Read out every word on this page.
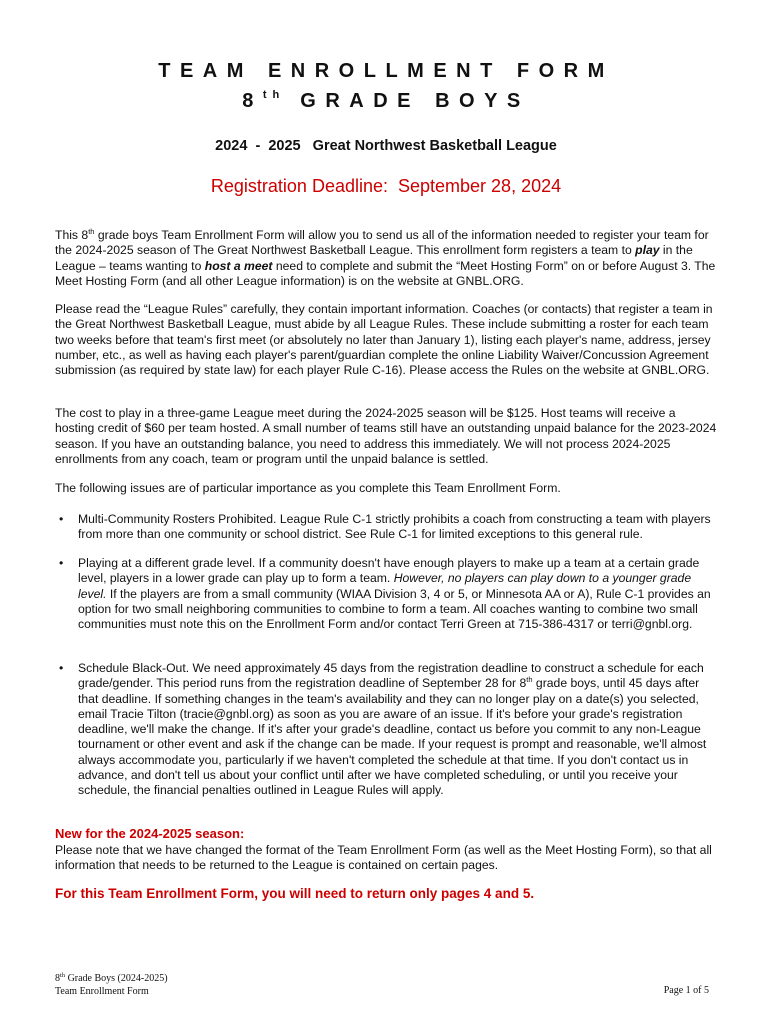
TEAM ENROLLMENT FORM
8th GRADE BOYS
2024  -  2025   Great Northwest Basketball League
Registration Deadline:  September 28, 2024
This 8th grade boys Team Enrollment Form will allow you to send us all of the information needed to register your team for the 2024-2025 season of The Great Northwest Basketball League. This enrollment form registers a team to play in the League – teams wanting to host a meet need to complete and submit the “Meet Hosting Form” on or before August 3. The Meet Hosting Form (and all other League information) is on the website at GNBL.ORG.
Please read the “League Rules” carefully, they contain important information. Coaches (or contacts) that register a team in the Great Northwest Basketball League, must abide by all League Rules. These include submitting a roster for each team two weeks before that team's first meet (or absolutely no later than January 1), listing each player's name, address, jersey number, etc., as well as having each player's parent/guardian complete the online Liability Waiver/Concussion Agreement submission (as required by state law) for each player Rule C-16). Please access the Rules on the website at GNBL.ORG.
The cost to play in a three-game League meet during the 2024-2025 season will be $125. Host teams will receive a hosting credit of $60 per team hosted. A small number of teams still have an outstanding unpaid balance for the 2023-2024 season. If you have an outstanding balance, you need to address this immediately. We will not process 2024-2025 enrollments from any coach, team or program until the unpaid balance is settled.
The following issues are of particular importance as you complete this Team Enrollment Form.
• Multi-Community Rosters Prohibited. League Rule C-1 strictly prohibits a coach from constructing a team with players from more than one community or school district. See Rule C-1 for limited exceptions to this general rule.
• Playing at a different grade level. If a community doesn't have enough players to make up a team at a certain grade level, players in a lower grade can play up to form a team. However, no players can play down to a younger grade level. If the players are from a small community (WIAA Division 3, 4 or 5, or Minnesota AA or A), Rule C-1 provides an option for two small neighboring communities to combine to form a team. All coaches wanting to combine two small communities must note this on the Enrollment Form and/or contact Terri Green at 715-386-4317 or terri@gnbl.org.
• Schedule Black-Out. We need approximately 45 days from the registration deadline to construct a schedule for each grade/gender. This period runs from the registration deadline of September 28 for 8th grade boys, until 45 days after that deadline. If something changes in the team's availability and they can no longer play on a date(s) you selected, email Tracie Tilton (tracie@gnbl.org) as soon as you are aware of an issue. If it's before your grade's registration deadline, we'll make the change. If it's after your grade's deadline, contact us before you commit to any non-League tournament or other event and ask if the change can be made. If your request is prompt and reasonable, we'll almost always accommodate you, particularly if we haven't completed the schedule at that time. If you don't contact us in advance, and don't tell us about your conflict until after we have completed scheduling, or until you receive your schedule, the financial penalties outlined in League Rules will apply.
New for the 2024-2025 season:
Please note that we have changed the format of the Team Enrollment Form (as well as the Meet Hosting Form), so that all information that needs to be returned to the League is contained on certain pages.
For this Team Enrollment Form, you will need to return only pages 4 and 5.
8th Grade Boys (2024-2025)
Team Enrollment Form	Page 1 of 5
